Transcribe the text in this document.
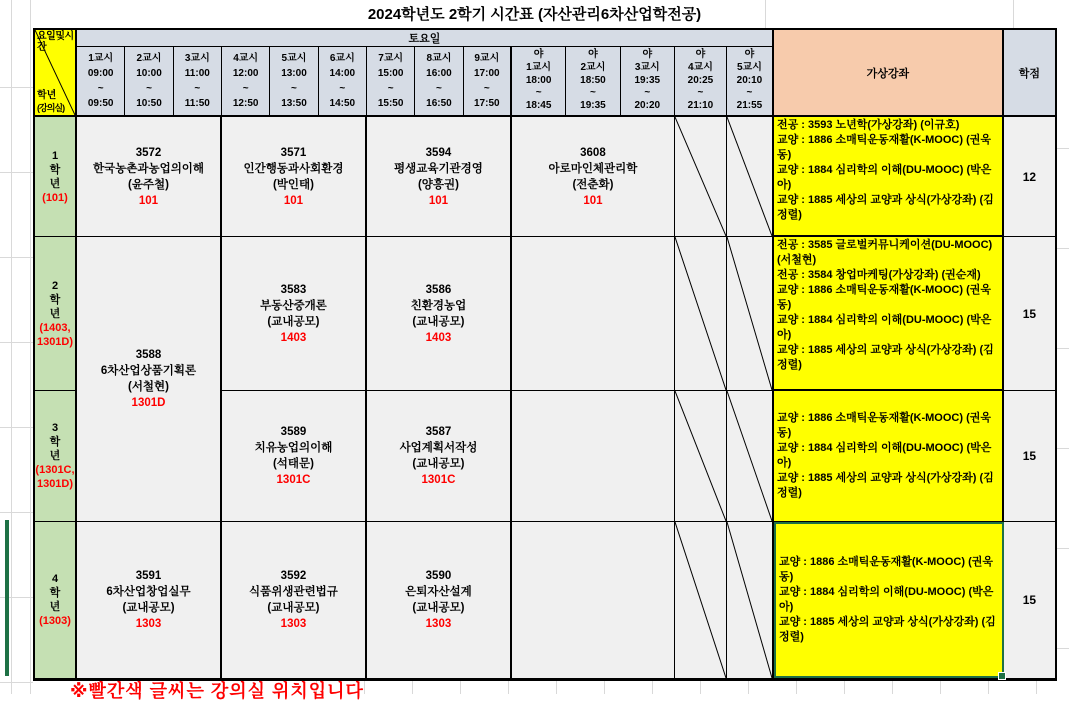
2024학년도 2학기 시간표 (자산관리6차산업학전공)
요일및시간
학년
(강의실)
토요일
가상강좌	학점
1교시
09:00
~
09:50
2교시
10:00
~
10:50
3교시
11:00
~
11:50
4교시
12:00
~
12:50
5교시
13:00
~
13:50
6교시
14:00
~
14:50
7교시
15:00
~
15:50
8교시
16:00
~
16:50
9교시
17:00
~
17:50
야
1교시
18:00
~
18:45
야
2교시
18:50
~
19:35
야
3교시
19:35
~
20:20
야
4교시
20:25
~
21:10
야
5교시
20:10
~
21:55
1
학
년
(101)
3572
한국농촌과농업의이해
(윤주철)
101
3571
인간행동과사회환경
(박인태)
101
3594
평생교육기관경영
(양흥권)
101
3608
아로마인체관리학
(전춘화)
101
전공 : 3593 노년학(가상강좌) (이규호)
교양 : 1886 소매틱운동재활(K-MOOC) (권욱동)
교양 : 1884 심리학의 이해(DU-MOOC) (박은아)
교양 : 1885 세상의 교양과 상식(가상강좌) (김정렬)
12
2
학
년
(1403,
1301D)
3588
6차산업상품기획론
(서철현)
1301D
3583
부동산중개론
(교내공모)
1403
3586
친환경농업
(교내공모)
1403
전공 : 3585 글로벌커뮤니케이션(DU-MOOC)(서철현)
전공 : 3584 창업마케팅(가상강좌) (권순재)
교양 : 1886 소매틱운동재활(K-MOOC) (권욱동)
교양 : 1884 심리학의 이해(DU-MOOC) (박은아)
교양 : 1885 세상의 교양과 상식(가상강좌) (김정렬)
15
3
학
년
(1301C,
1301D)
3589
치유농업의이해
(석태문)
1301C
3587
사업계획서작성
(교내공모)
1301C
교양 : 1886 소매틱운동재활(K-MOOC) (권욱동)
교양 : 1884 심리학의 이해(DU-MOOC) (박은아)
교양 : 1885 세상의 교양과 상식(가상강좌) (김정렬)
15
4
학
년
(1303)
3591
6차산업창업실무
(교내공모)
1303
3592
식품위생관련법규
(교내공모)
1303
3590
은퇴자산설계
(교내공모)
1303
교양 : 1886 소매틱운동재활(K-MOOC) (권욱동)
교양 : 1884 심리학의 이해(DU-MOOC) (박은아)
교양 : 1885 세상의 교양과 상식(가상강좌) (김정렬)
15
※빨간색 글씨는 강의실 위치입니다
